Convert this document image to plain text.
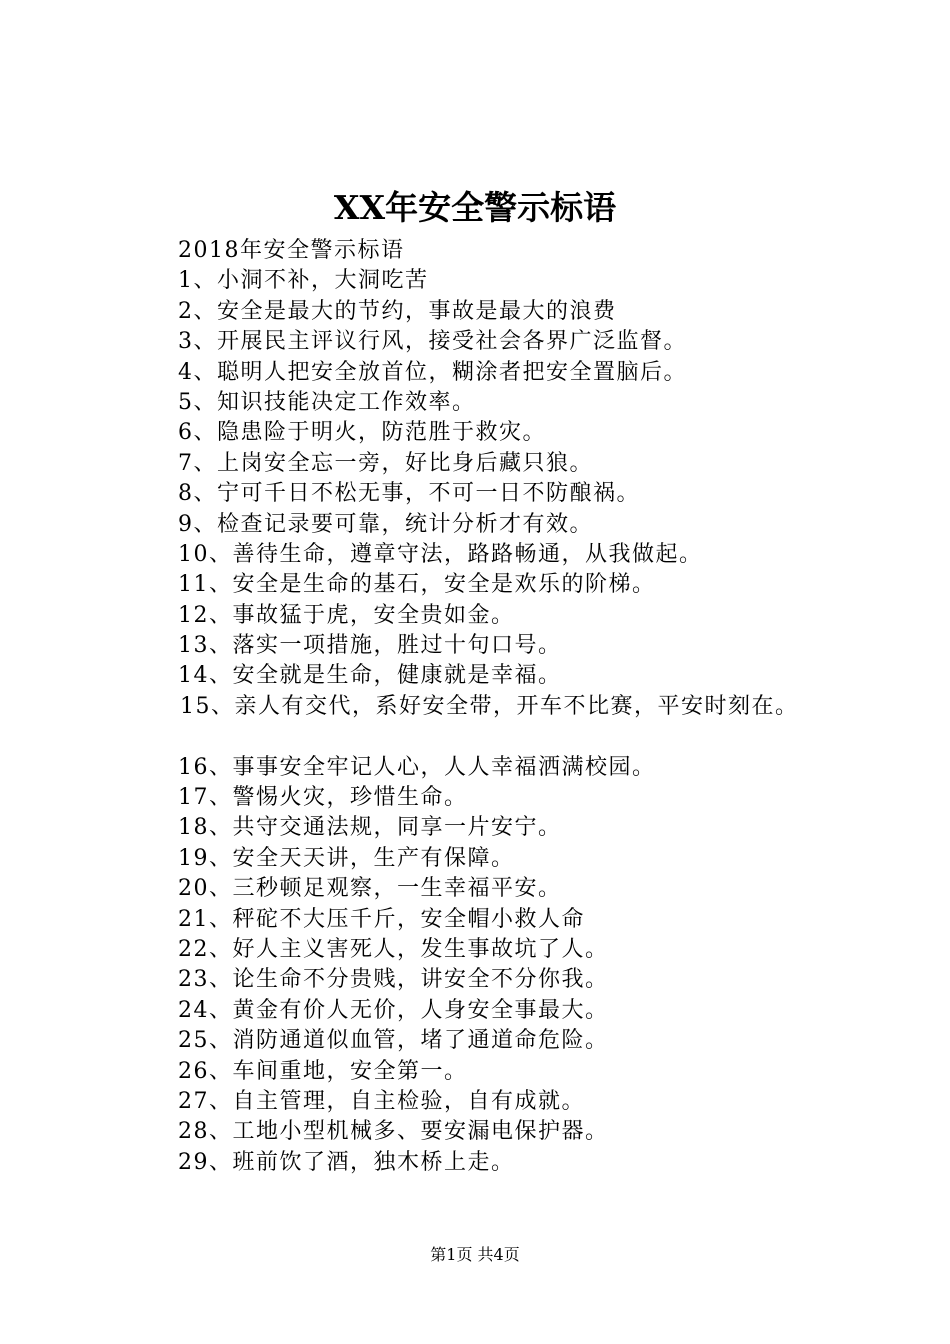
XX年安全警示标语
2018年安全警示标语
1、小洞不补，大洞吃苦
2、安全是最大的节约，事故是最大的浪费
3、开展民主评议行风，接受社会各界广泛监督。
4、聪明人把安全放首位，糊涂者把安全置脑后。
5、知识技能决定工作效率。
6、隐患险于明火，防范胜于救灾。
7、上岗安全忘一旁，好比身后藏只狼。
8、宁可千日不松无事，不可一日不防酿祸。
9、检查记录要可靠，统计分析才有效。
10、善待生命，遵章守法，路路畅通，从我做起。
11、安全是生命的基石，安全是欢乐的阶梯。
12、事故猛于虎，安全贵如金。
13、落实一项措施，胜过十句口号。
14、安全就是生命，健康就是幸福。
15、亲人有交代，系好安全带，开车不比赛，平安时刻在。
16、事事安全牢记人心，人人幸福洒满校园。
17、警惕火灾，珍惜生命。
18、共守交通法规，同享一片安宁。
19、安全天天讲，生产有保障。
20、三秒顿足观察，一生幸福平安。
21、秤砣不大压千斤，安全帽小救人命
22、好人主义害死人，发生事故坑了人。
23、论生命不分贵贱，讲安全不分你我。
24、黄金有价人无价，人身安全事最大。
25、消防通道似血管，堵了通道命危险。
26、车间重地，安全第一。
27、自主管理，自主检验，自有成就。
28、工地小型机械多、要安漏电保护器。
29、班前饮了酒，独木桥上走。
第1页 共4页
